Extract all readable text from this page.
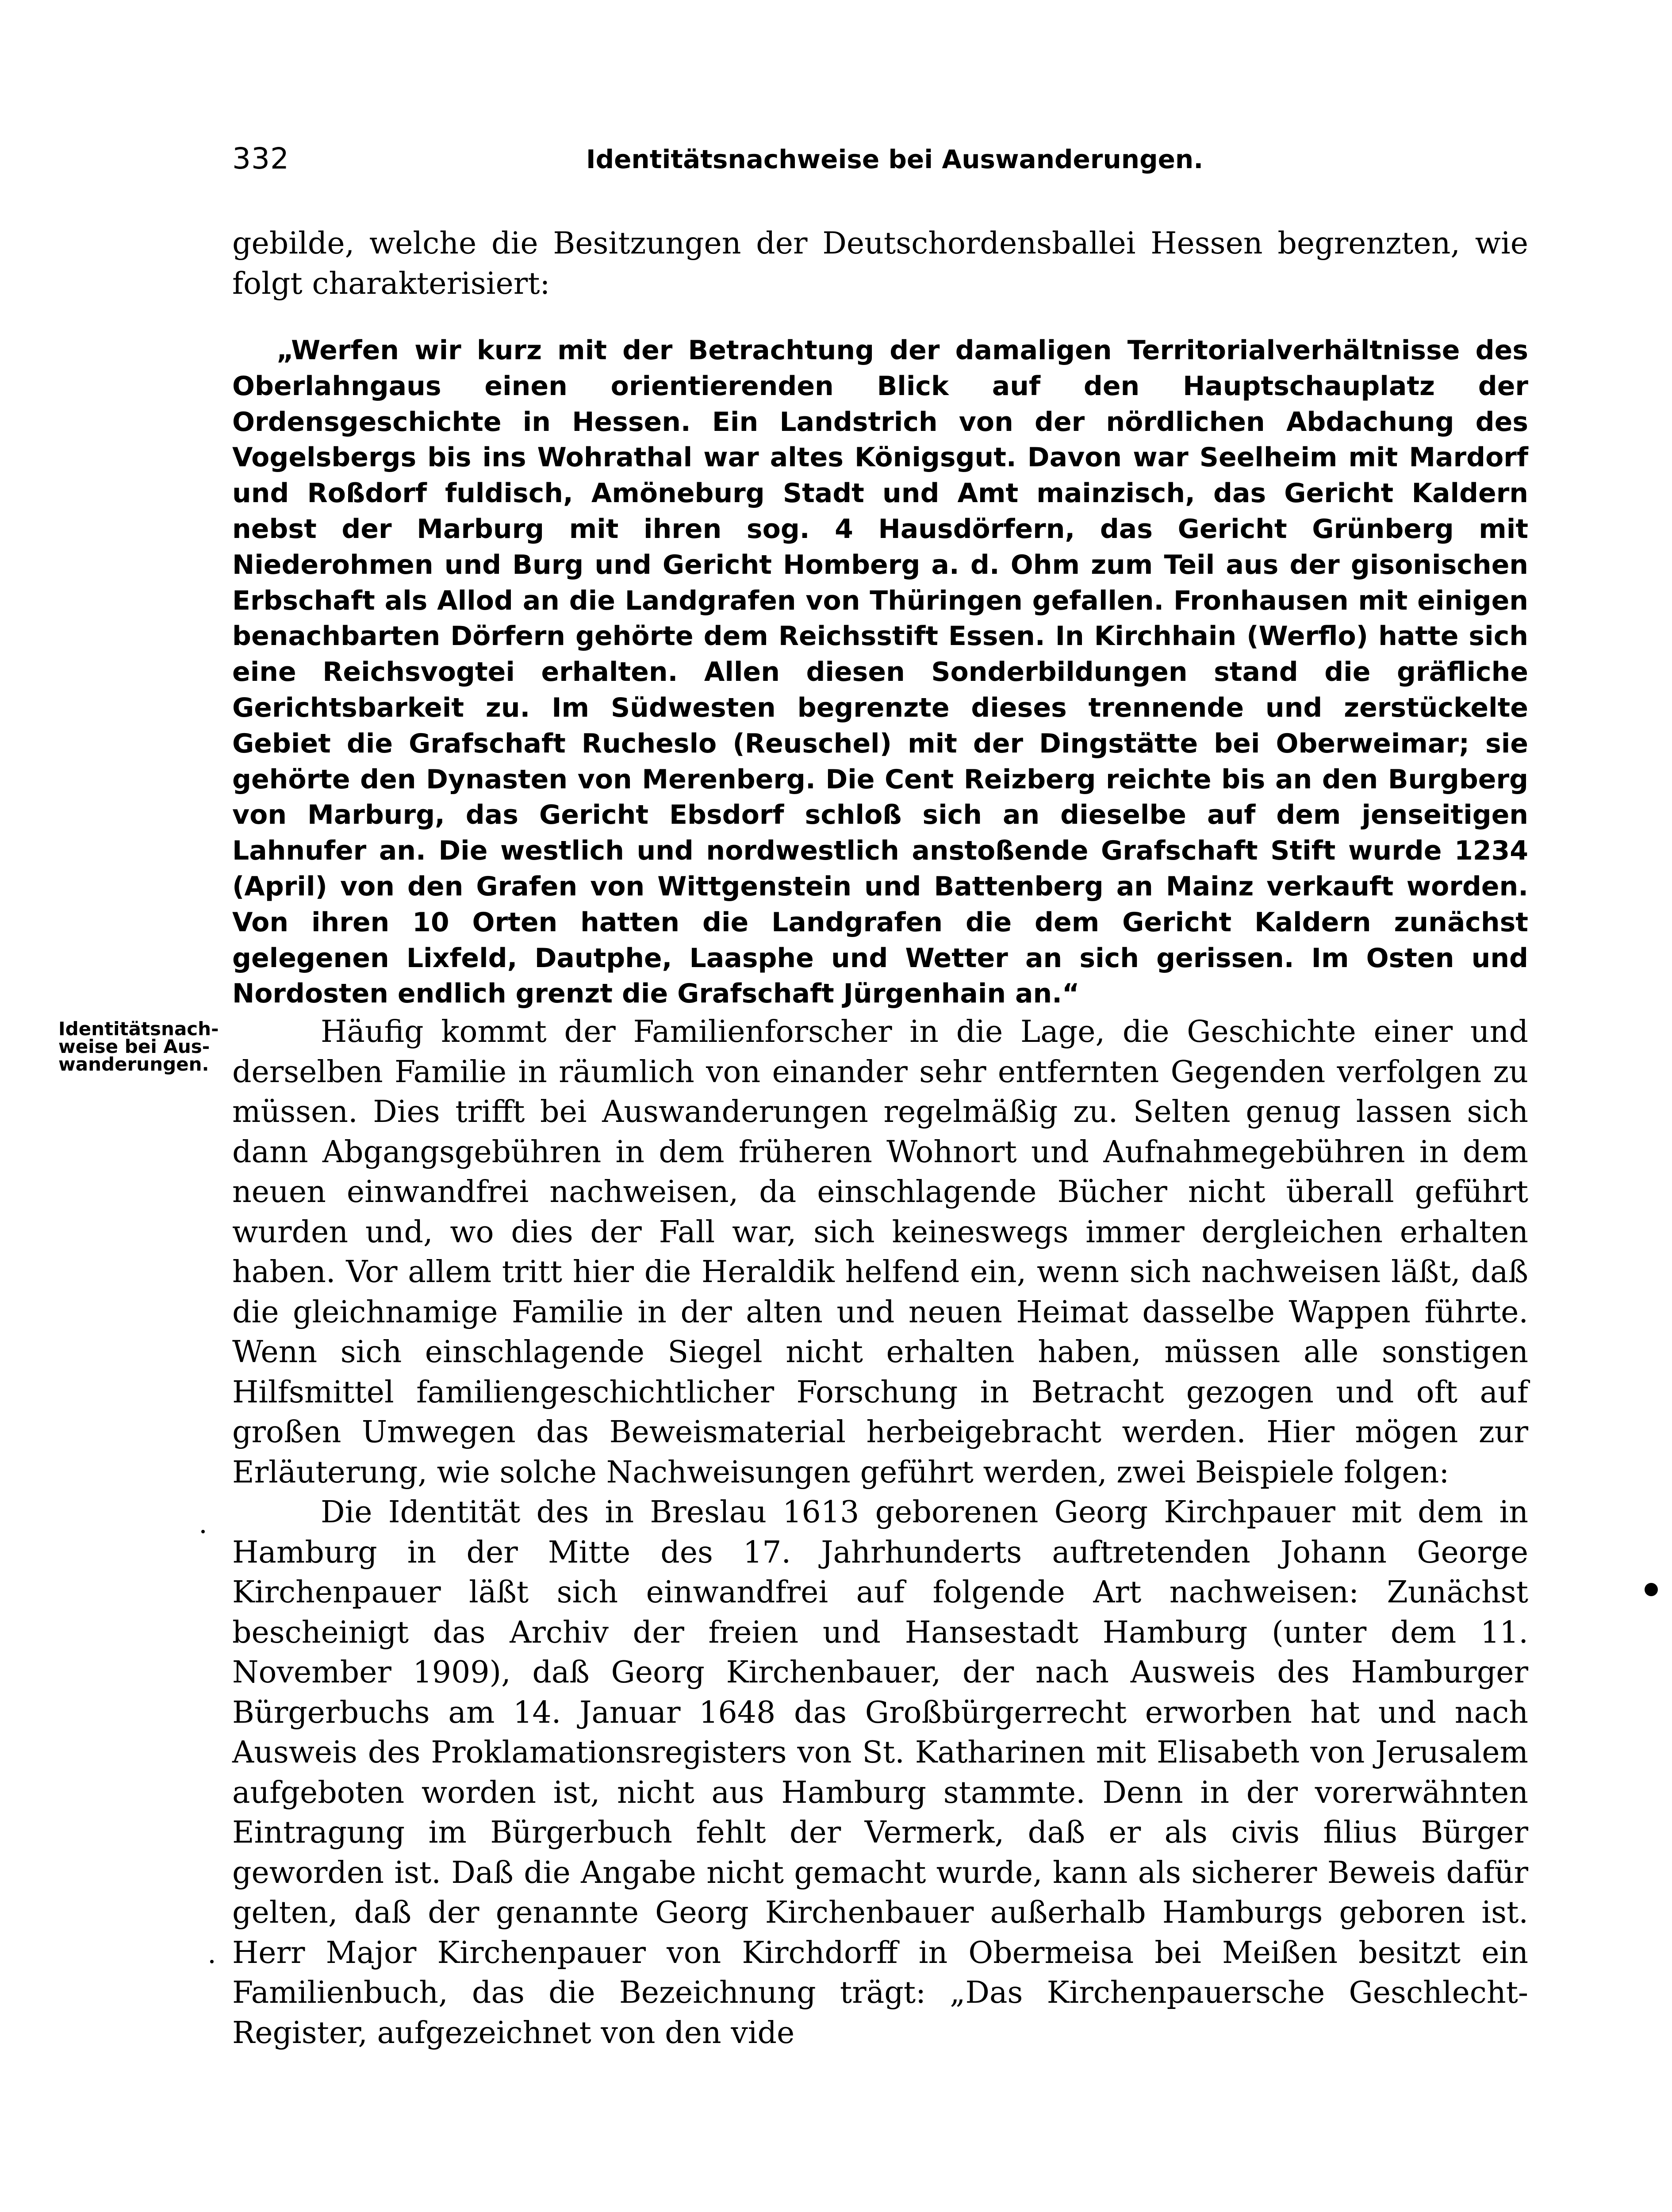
332	Identitätsnachweise bei Auswanderungen.

gebilde, welche die Besitzungen der Deutschordensballei Hessen begrenzten, wie folgt charakterisiert:

„Werfen wir kurz mit der Betrachtung der damaligen Territorialverhältnisse des Oberlahngaus einen orientierenden Blick auf den Hauptschauplatz der Ordensgeschichte in Hessen. Ein Landstrich von der nördlichen Abdachung des Vogelsbergs bis ins Wohrathal war altes Königsgut. Davon war Seelheim mit Mardorf und Roßdorf fuldisch, Amöneburg Stadt und Amt mainzisch, das Gericht Kaldern nebst der Marburg mit ihren sog. 4 Hausdörfern, das Gericht Grünberg mit Niederohmen und Burg und Gericht Homberg a. d. Ohm zum Teil aus der gisonischen Erbschaft als Allod an die Landgrafen von Thüringen gefallen. Fronhausen mit einigen benachbarten Dörfern gehörte dem Reichsstift Essen. In Kirchhain (Werflo) hatte sich eine Reichsvogtei erhalten. Allen diesen Sonderbildungen stand die gräfliche Gerichtsbarkeit zu. Im Südwesten begrenzte dieses trennende und zerstückelte Gebiet die Grafschaft Rucheslo (Reuschel) mit der Dingstätte bei Oberweimar; sie gehörte den Dynasten von Merenberg. Die Cent Reizberg reichte bis an den Burgberg von Marburg, das Gericht Ebsdorf schloß sich an dieselbe auf dem jenseitigen Lahnufer an. Die westlich und nordwestlich anstoßende Grafschaft Stift wurde 1234 (April) von den Grafen von Wittgenstein und Battenberg an Mainz verkauft worden. Von ihren 10 Orten hatten die Landgrafen die dem Gericht Kaldern zunächst gelegenen Lixfeld, Dautphe, Laasphe und Wetter an sich gerissen. Im Osten und Nordosten endlich grenzt die Grafschaft Jürgenhain an.“

Identitätsnach-
weise bei Aus-
wanderungen.

Häufig kommt der Familienforscher in die Lage, die Geschichte einer und derselben Familie in räumlich von einander sehr entfernten Gegenden verfolgen zu müssen. Dies trifft bei Auswanderungen regelmäßig zu. Selten genug lassen sich dann Abgangsgebühren in dem früheren Wohnort und Aufnahmegebühren in dem neuen einwandfrei nachweisen, da einschlagende Bücher nicht überall geführt wurden und, wo dies der Fall war, sich keineswegs immer dergleichen erhalten haben. Vor allem tritt hier die Heraldik helfend ein, wenn sich nachweisen läßt, daß die gleichnamige Familie in der alten und neuen Heimat dasselbe Wappen führte. Wenn sich einschlagende Siegel nicht erhalten haben, müssen alle sonstigen Hilfsmittel familiengeschichtlicher Forschung in Betracht gezogen und oft auf großen Umwegen das Beweismaterial herbeigebracht werden. Hier mögen zur Erläuterung, wie solche Nachweisungen geführt werden, zwei Beispiele folgen:

Die Identität des in Breslau 1613 geborenen Georg Kirchpauer mit dem in Hamburg in der Mitte des 17. Jahrhunderts auftretenden Johann George Kirchenpauer läßt sich einwandfrei auf folgende Art nachweisen: Zunächst bescheinigt das Archiv der freien und Hansestadt Hamburg (unter dem 11. November 1909), daß Georg Kirchenbauer, der nach Ausweis des Hamburger Bürgerbuchs am 14. Januar 1648 das Großbürgerrecht erworben hat und nach Ausweis des Proklamationsregisters von St. Katharinen mit Elisabeth von Jerusalem aufgeboten worden ist, nicht aus Hamburg stammte. Denn in der vorerwähnten Eintragung im Bürgerbuch fehlt der Vermerk, daß er als civis filius Bürger geworden ist. Daß die Angabe nicht gemacht wurde, kann als sicherer Beweis dafür gelten, daß der genannte Georg Kirchenbauer außerhalb Hamburgs geboren ist. Herr Major Kirchenpauer von Kirchdorff in Obermeisa bei Meißen besitzt ein Familienbuch, das die Bezeichnung trägt: „Das Kirchenpauersche Geschlecht-Register, aufgezeichnet von den vide
